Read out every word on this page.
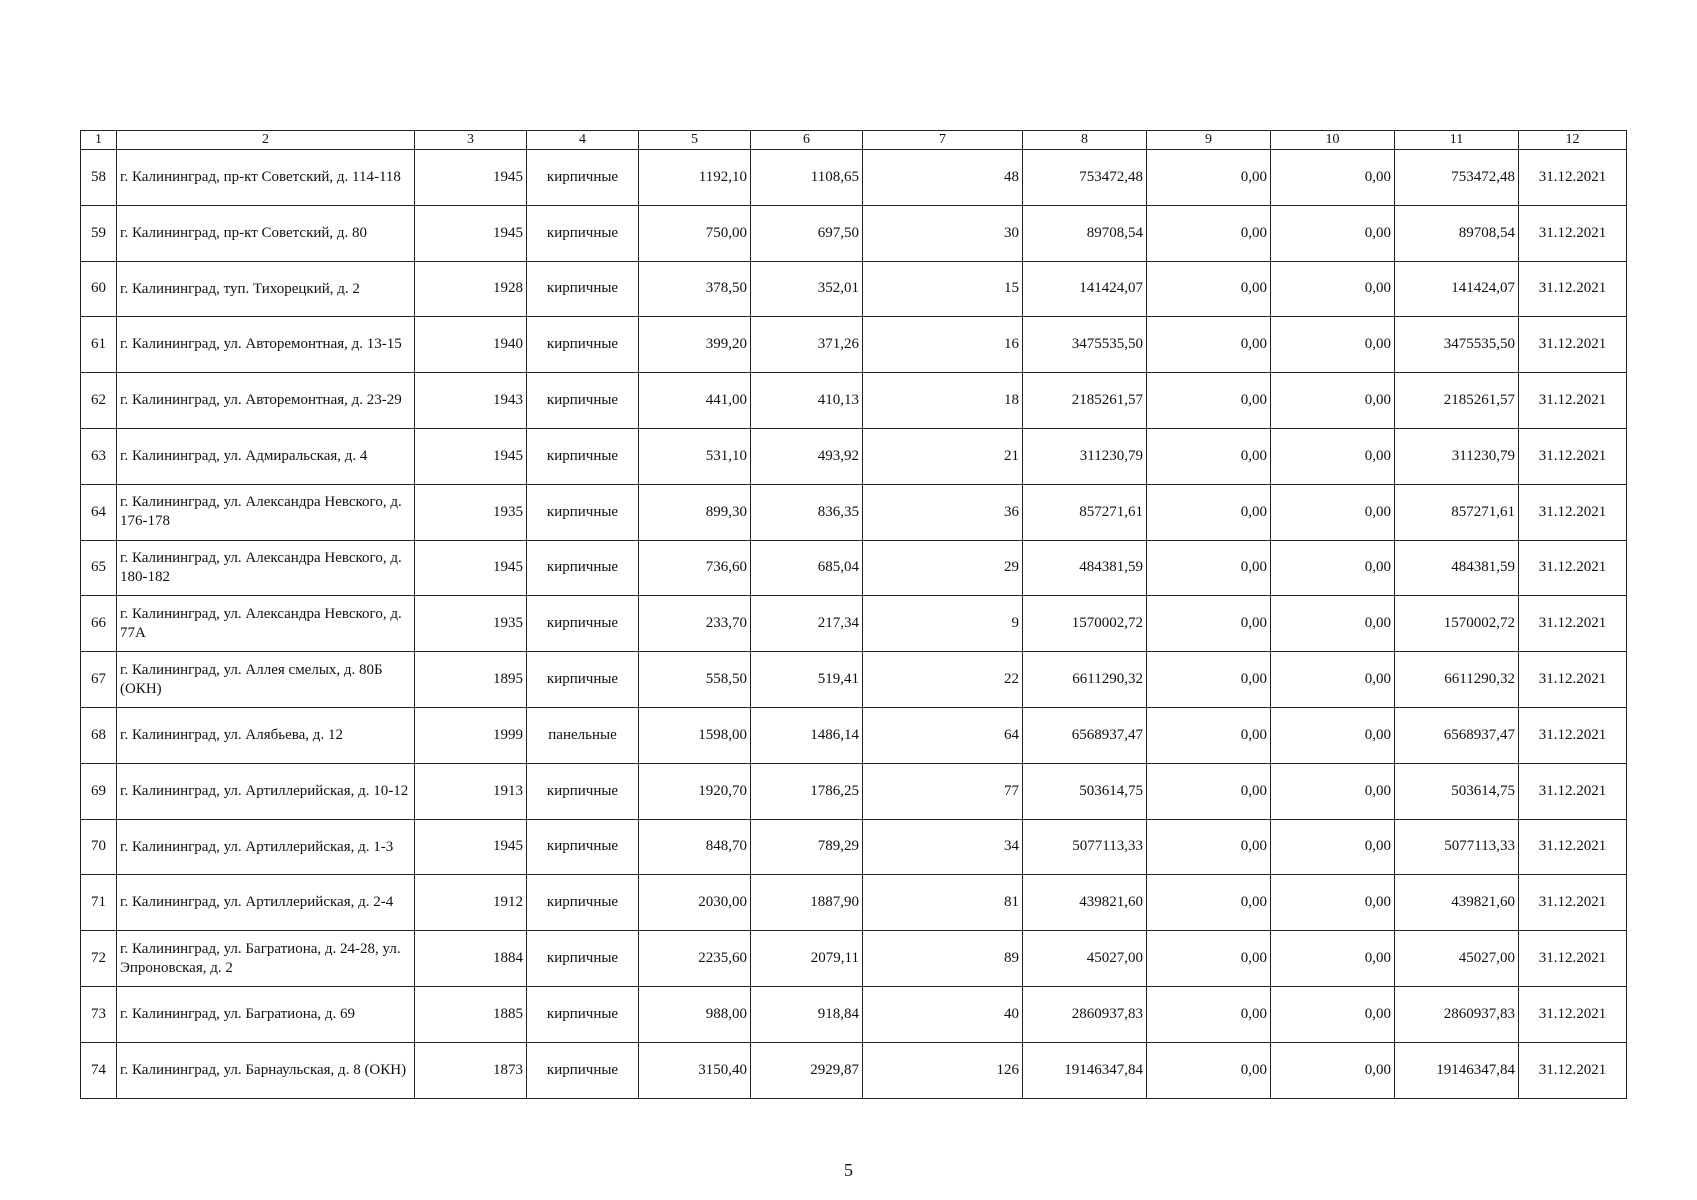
1	2	3	4	5	6	7	8	9	10	11	12
58	г. Калининград, пр-кт Советский, д. 114-118	1945	кирпичные	1192,10	1108,65	48	753472,48	0,00	0,00	753472,48	31.12.2021
59	г. Калининград, пр-кт Советский, д. 80	1945	кирпичные	750,00	697,50	30	89708,54	0,00	0,00	89708,54	31.12.2021
60	г. Калининград, туп. Тихорецкий, д. 2	1928	кирпичные	378,50	352,01	15	141424,07	0,00	0,00	141424,07	31.12.2021
61	г. Калининград, ул. Авторемонтная, д. 13-15	1940	кирпичные	399,20	371,26	16	3475535,50	0,00	0,00	3475535,50	31.12.2021
62	г. Калининград, ул. Авторемонтная, д. 23-29	1943	кирпичные	441,00	410,13	18	2185261,57	0,00	0,00	2185261,57	31.12.2021
63	г. Калининград, ул. Адмиральская, д. 4	1945	кирпичные	531,10	493,92	21	311230,79	0,00	0,00	311230,79	31.12.2021
64	г. Калининград, ул. Александра Невского, д. 176-178	1935	кирпичные	899,30	836,35	36	857271,61	0,00	0,00	857271,61	31.12.2021
65	г. Калининград, ул. Александра Невского, д. 180-182	1945	кирпичные	736,60	685,04	29	484381,59	0,00	0,00	484381,59	31.12.2021
66	г. Калининград, ул. Александра Невского, д. 77А	1935	кирпичные	233,70	217,34	9	1570002,72	0,00	0,00	1570002,72	31.12.2021
67	г. Калининград, ул. Аллея смелых, д. 80Б (ОКН)	1895	кирпичные	558,50	519,41	22	6611290,32	0,00	0,00	6611290,32	31.12.2021
68	г. Калининград, ул. Алябьева, д. 12	1999	панельные	1598,00	1486,14	64	6568937,47	0,00	0,00	6568937,47	31.12.2021
69	г. Калининград, ул. Артиллерийская, д. 10-12	1913	кирпичные	1920,70	1786,25	77	503614,75	0,00	0,00	503614,75	31.12.2021
70	г. Калининград, ул. Артиллерийская, д. 1-3	1945	кирпичные	848,70	789,29	34	5077113,33	0,00	0,00	5077113,33	31.12.2021
71	г. Калининград, ул. Артиллерийская, д. 2-4	1912	кирпичные	2030,00	1887,90	81	439821,60	0,00	0,00	439821,60	31.12.2021
72	г. Калининград, ул. Багратиона, д. 24-28, ул. Эпроновская, д. 2	1884	кирпичные	2235,60	2079,11	89	45027,00	0,00	0,00	45027,00	31.12.2021
73	г. Калининград, ул. Багратиона, д. 69	1885	кирпичные	988,00	918,84	40	2860937,83	0,00	0,00	2860937,83	31.12.2021
74	г. Калининград, ул. Барнаульская, д. 8 (ОКН)	1873	кирпичные	3150,40	2929,87	126	19146347,84	0,00	0,00	19146347,84	31.12.2021
5
